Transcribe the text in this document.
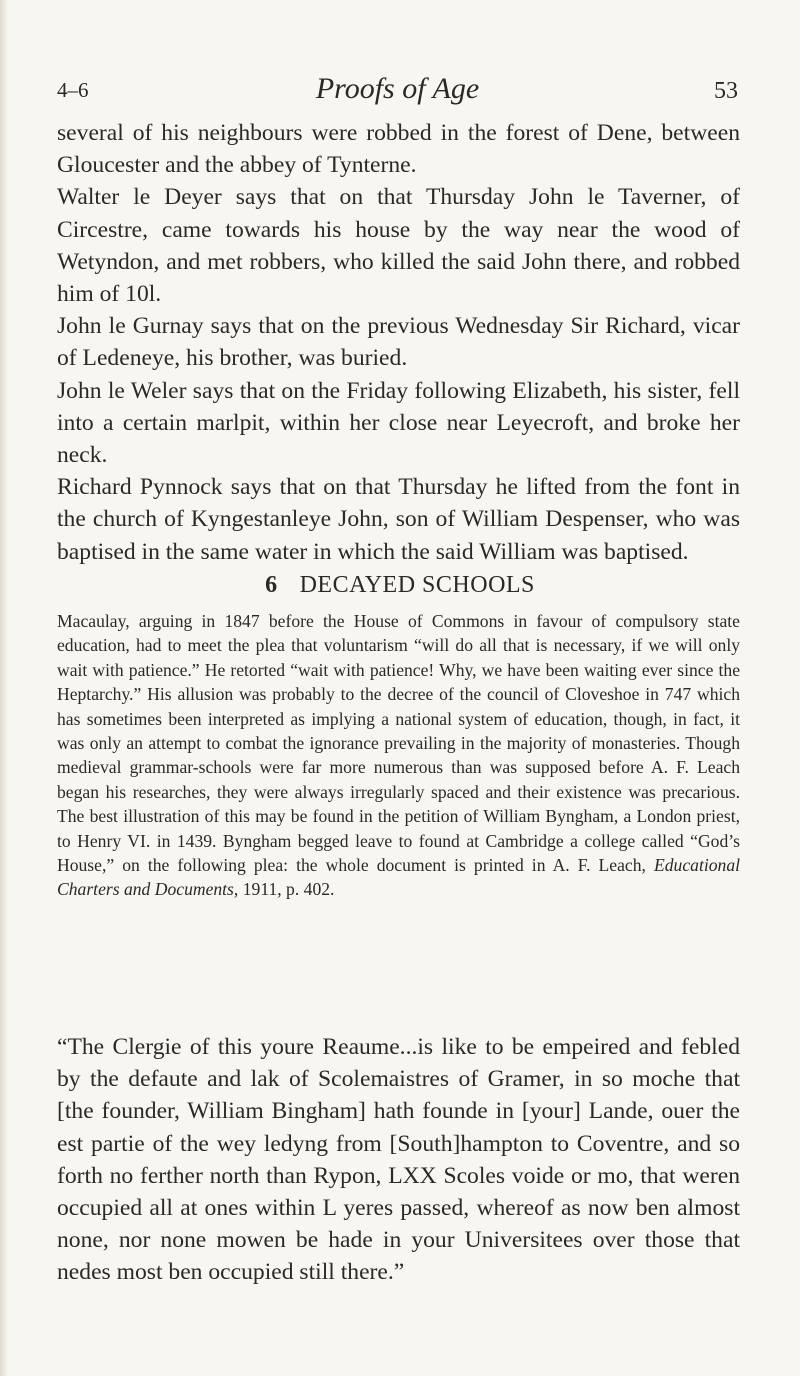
4–6	Proofs of Age	53

several of his neighbours were robbed in the forest of Dene, between Gloucester and the abbey of Tynterne.

Walter le Deyer says that on that Thursday John le Taverner, of Circestre, came towards his house by the way near the wood of Wetyndon, and met robbers, who killed the said John there, and robbed him of 10l.

John le Gurnay says that on the previous Wednesday Sir Richard, vicar of Ledeneye, his brother, was buried.

John le Weler says that on the Friday following Elizabeth, his sister, fell into a certain marlpit, within her close near Leyecroft, and broke her neck.

Richard Pynnock says that on that Thursday he lifted from the font in the church of Kyngestanleye John, son of William Despenser, who was baptised in the same water in which the said William was baptised.

6 DECAYED SCHOOLS

Macaulay, arguing in 1847 before the House of Commons in favour of compulsory state education, had to meet the plea that voluntarism “will do all that is necessary, if we will only wait with patience.” He retorted “wait with patience! Why, we have been waiting ever since the Heptarchy.” His allusion was probably to the decree of the council of Cloveshoe in 747 which has sometimes been interpreted as implying a national system of education, though, in fact, it was only an attempt to combat the ignorance prevailing in the majority of monasteries. Though medieval grammar-schools were far more numerous than was supposed before A. F. Leach began his researches, they were always irregularly spaced and their existence was precarious. The best illustration of this may be found in the petition of William Byngham, a London priest, to Henry VI. in 1439. Byngham begged leave to found at Cambridge a college called “God’s House,” on the following plea: the whole document is printed in A. F. Leach, Educational Charters and Documents, 1911, p. 402.

“The Clergie of this youre Reaume...is like to be empeired and febled by the defaute and lak of Scolemaistres of Gramer, in so moche that [the founder, William Bingham] hath founde in [your] Lande, ouer the est partie of the wey ledyng from [South]hampton to Coventre, and so forth no ferther north than Rypon, LXX Scoles voide or mo, that weren occupied all at ones within L yeres passed, whereof as now ben almost none, nor none mowen be hade in your Universitees over those that nedes most ben occupied still there.”
